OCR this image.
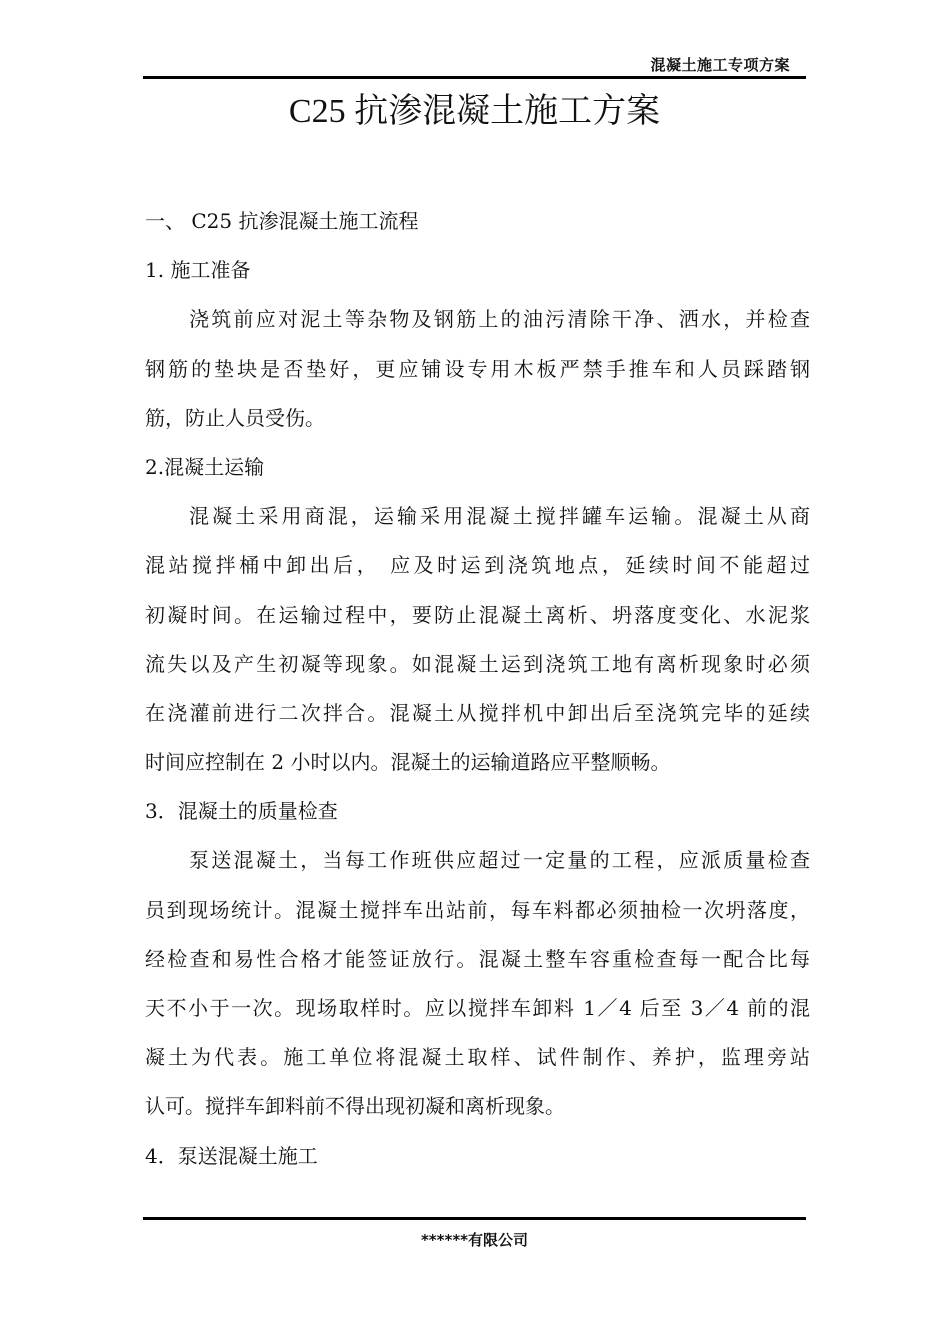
混凝土施工专项方案
C25 抗渗混凝土施工方案
一、 C25 抗渗混凝土施工流程
1. 施工准备
浇筑前应对泥土等杂物及钢筋上的油污清除干净、洒水，并检查
钢筋的垫块是否垫好，更应铺设专用木板严禁手推车和人员踩踏钢
筋，防止人员受伤。
2.混凝土运输
混凝土采用商混，运输采用混凝土搅拌罐车运输。混凝土从商
混站搅拌桶中卸出后， 应及时运到浇筑地点，延续时间不能超过
初凝时间。在运输过程中，要防止混凝土离析、坍落度变化、水泥浆
流失以及产生初凝等现象。如混凝土运到浇筑工地有离析现象时必须
在浇灌前进行二次拌合。混凝土从搅拌机中卸出后至浇筑完毕的延续
时间应控制在 2 小时以内。混凝土的运输道路应平整顺畅。
3．混凝土的质量检查
泵送混凝土，当每工作班供应超过一定量的工程，应派质量检查
员到现场统计。混凝土搅拌车出站前，每车料都必须抽检一次坍落度，
经检查和易性合格才能签证放行。混凝土整车容重检查每一配合比每
天不小于一次。现场取样时。应以搅拌车卸料 1／4 后至 3／4 前的混
凝土为代表。施工单位将混凝土取样、试件制作、养护，监理旁站
认可。搅拌车卸料前不得出现初凝和离析现象。
4．泵送混凝土施工
******有限公司
